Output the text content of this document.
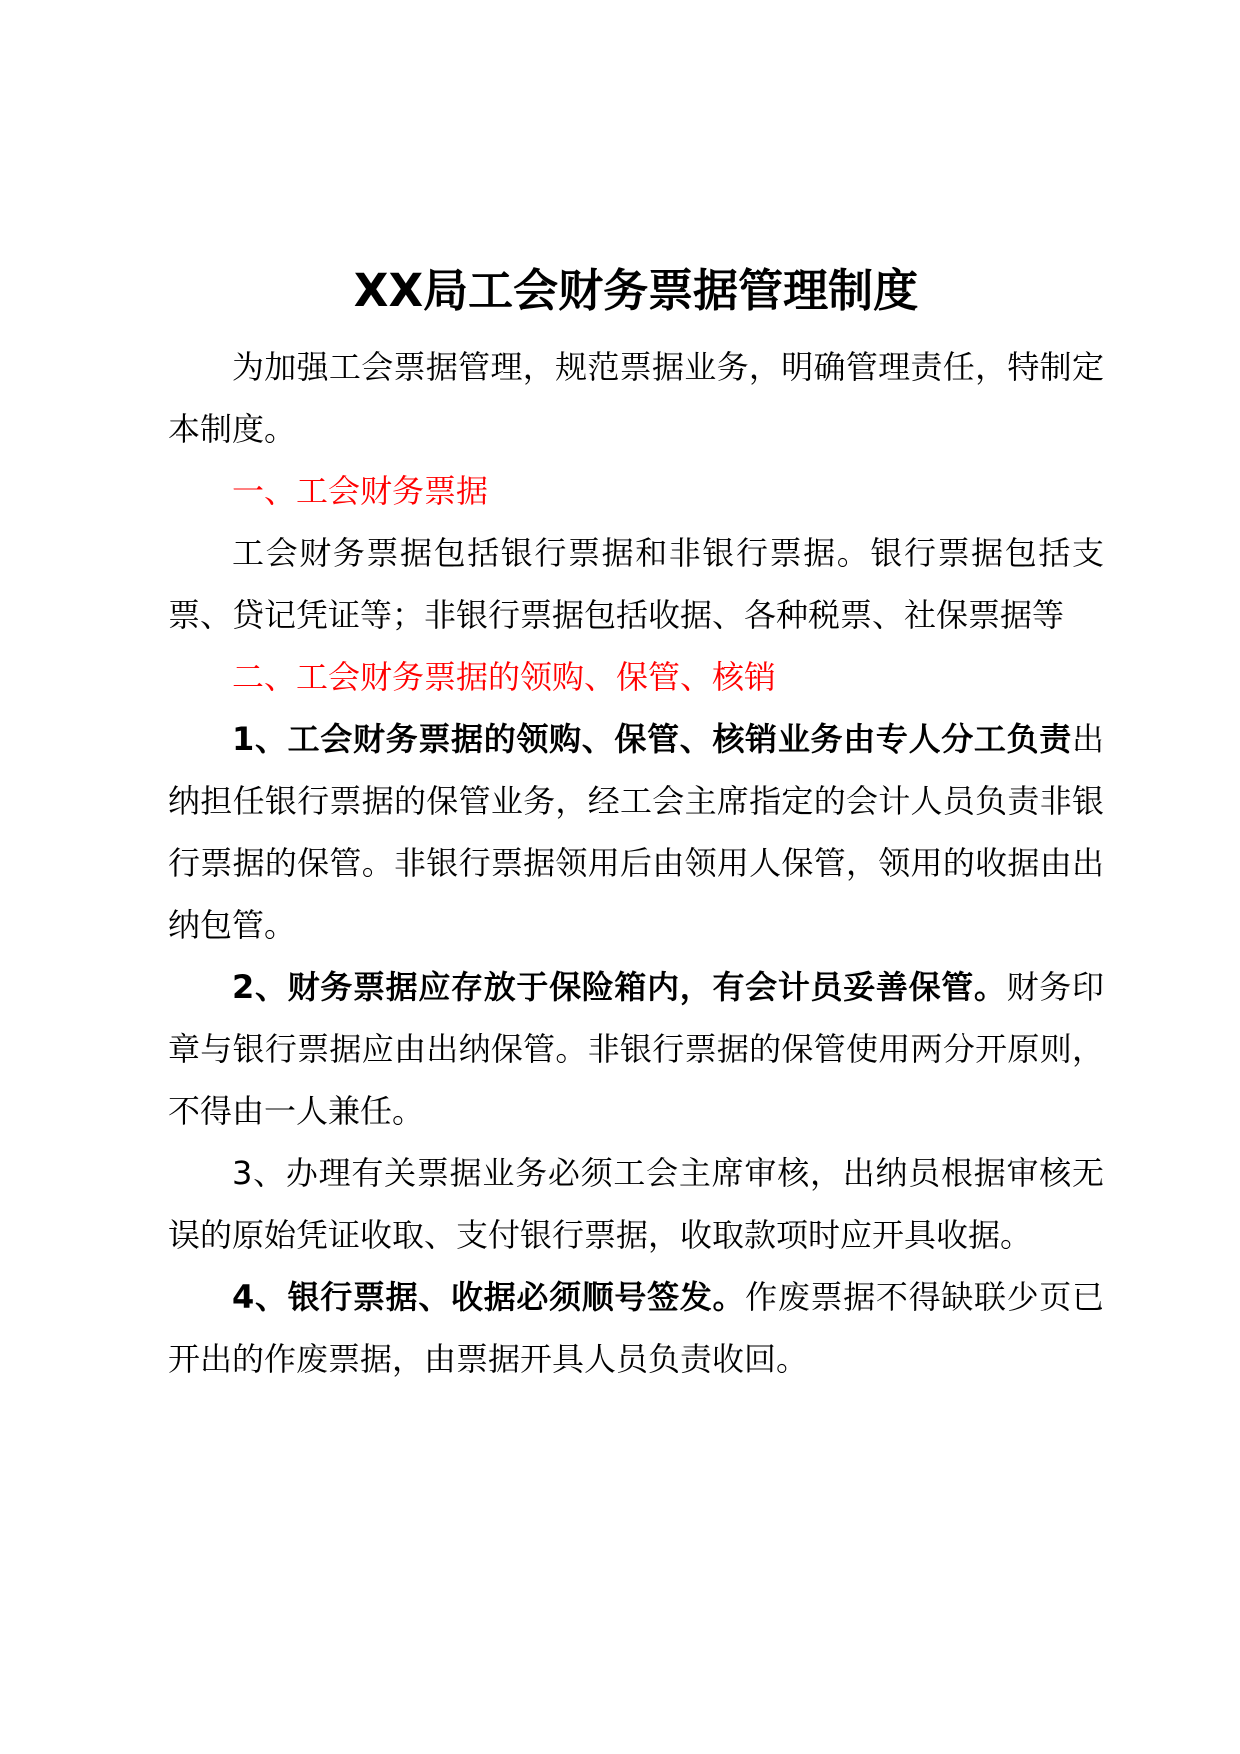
XX局工会财务票据管理制度

为加强工会票据管理，规范票据业务，明确管理责任，特制定本制度。

一、工会财务票据

工会财务票据包括银行票据和非银行票据。银行票据包括支票、贷记凭证等；非银行票据包括收据、各种税票、社保票据等

二、工会财务票据的领购、保管、核销

1、工会财务票据的领购、保管、核销业务由专人分工负责出纳担任银行票据的保管业务，经工会主席指定的会计人员负责非银行票据的保管。非银行票据领用后由领用人保管，领用的收据由出纳包管。

2、财务票据应存放于保险箱内，有会计员妥善保管。财务印章与银行票据应由出纳保管。非银行票据的保管使用两分开原则，不得由一人兼任。

3、办理有关票据业务必须工会主席审核，出纳员根据审核无误的原始凭证收取、支付银行票据，收取款项时应开具收据。

4、银行票据、收据必须顺号签发。作废票据不得缺联少页已开出的作废票据，由票据开具人员负责收回。
